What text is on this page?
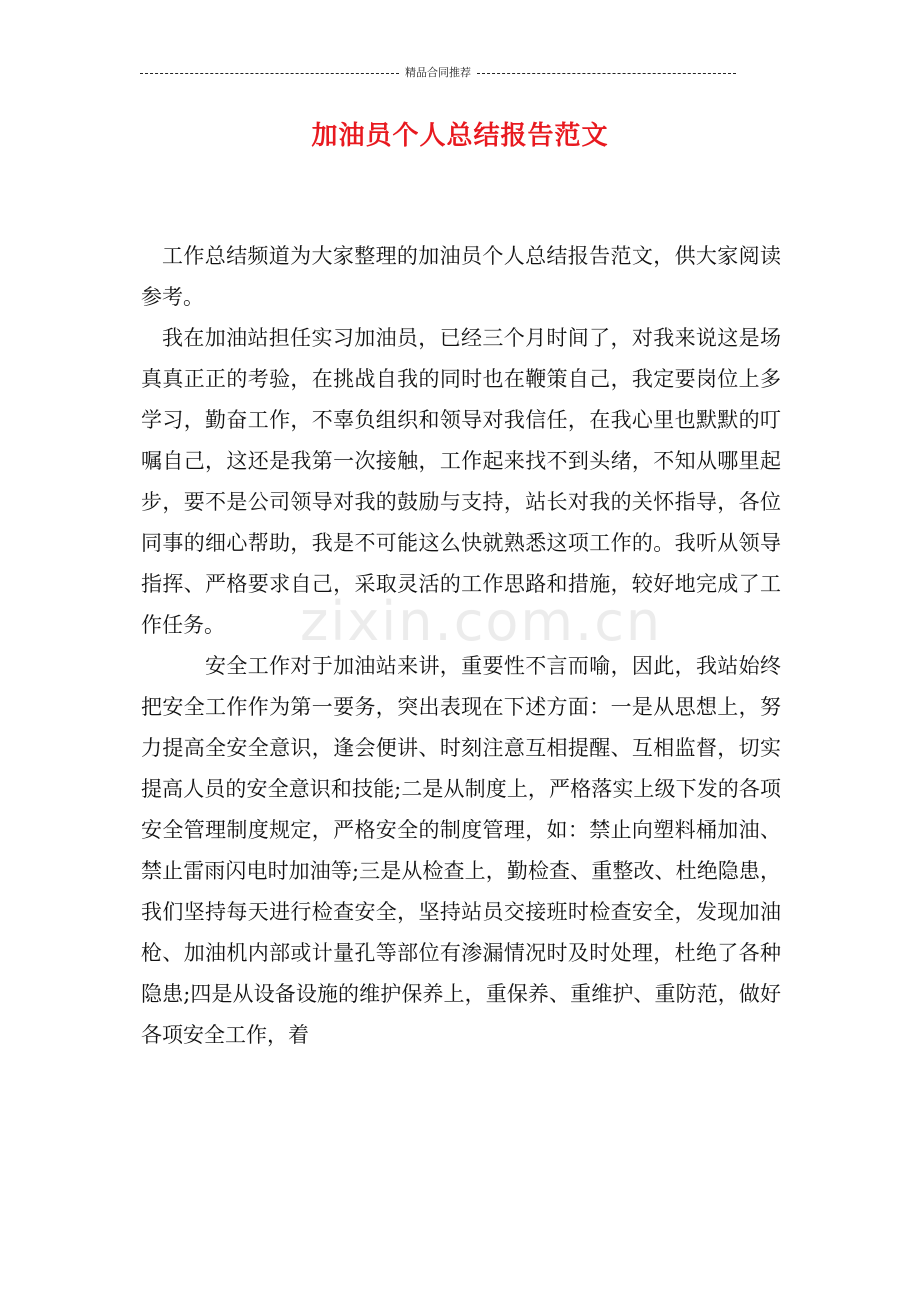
精品合同推荐
加油员个人总结报告范文

工作总结频道为大家整理的加油员个人总结报告范文，供大家阅读参考。

我在加油站担任实习加油员，已经三个月时间了，对我来说这是场真真正正的考验，在挑战自我的同时也在鞭策自己，我定要岗位上多学习，勤奋工作，不辜负组织和领导对我信任，在我心里也默默的叮嘱自己，这还是我第一次接触，工作起来找不到头绪，不知从哪里起步，要不是公司领导对我的鼓励与支持，站长对我的关怀指导，各位同事的细心帮助，我是不可能这么快就熟悉这项工作的。我听从领导指挥、严格要求自己，采取灵活的工作思路和措施，较好地完成了工作任务。

安全工作对于加油站来讲，重要性不言而喻，因此，我站始终把安全工作作为第一要务，突出表现在下述方面：一是从思想上，努力提高全安全意识，逢会便讲、时刻注意互相提醒、互相监督，切实提高人员的安全意识和技能;二是从制度上，严格落实上级下发的各项安全管理制度规定，严格安全的制度管理，如：禁止向塑料桶加油、禁止雷雨闪电时加油等;三是从检查上，勤检查、重整改、杜绝隐患，我们坚持每天进行检查安全，坚持站员交接班时检查安全，发现加油枪、加油机内部或计量孔等部位有渗漏情况时及时处理，杜绝了各种隐患;四是从设备设施的维护保养上，重保养、重维护、重防范，做好各项安全工作，着

zixin.com.cn
